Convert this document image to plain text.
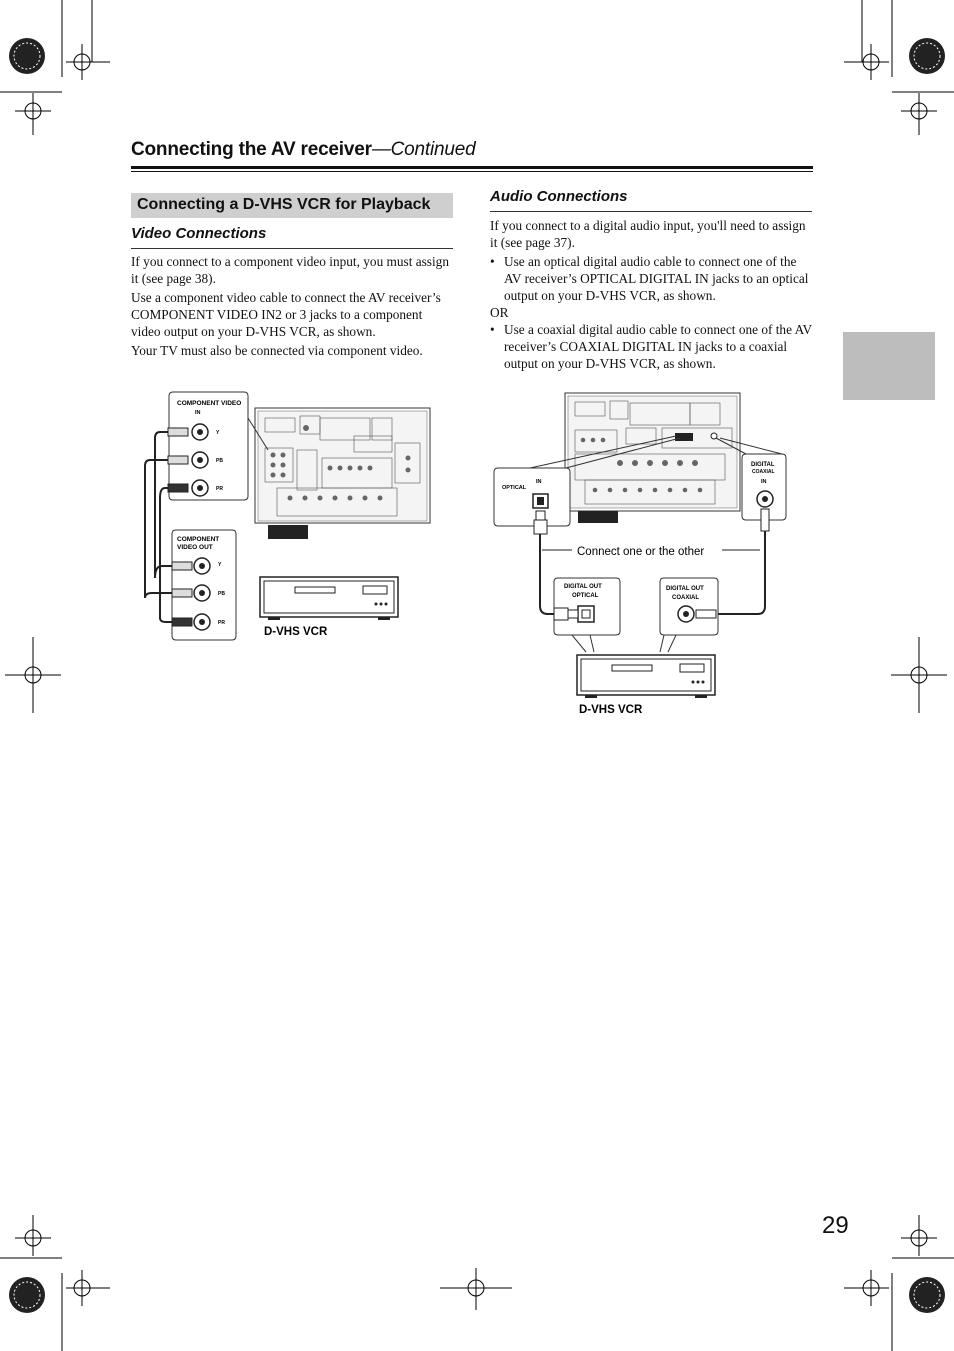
Connecting the AV receiver—Continued
Connecting a D-VHS VCR for Playback
Video Connections
If you connect to a component video input, you must assign it (see page 38).
Use a component video cable to connect the AV receiver’s COMPONENT VIDEO IN2 or 3 jacks to a component video output on your D-VHS VCR, as shown.
Your TV must also be connected via component video.
Audio Connections
If you connect to a digital audio input, you'll need to assign it (see page 37).
• Use an optical digital audio cable to connect one of the AV receiver’s OPTICAL DIGITAL IN jacks to an optical output on your D-VHS VCR, as shown.
OR
• Use a coaxial digital audio cable to connect one of the AV receiver’s COAXIAL DIGITAL IN jacks to a coaxial output on your D-VHS VCR, as shown.
COMPONENT VIDEO
IN
Y
PB
PR
COMPONENT
VIDEO OUT
Y
PB
PR
D-VHS VCR
OPTICAL
IN
DIGITAL
COAXIAL
IN
Connect one or the other
DIGITAL OUT
OPTICAL
DIGITAL OUT
COAXIAL
D-VHS VCR
29
